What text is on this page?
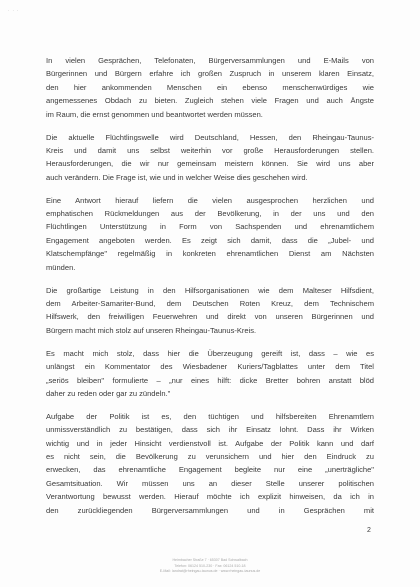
· · ·

In vielen Gesprächen, Telefonaten, Bürgerversammlungen und E-Mails von
Bürgerinnen und Bürgern erfahre ich großen Zuspruch in unserem klaren Einsatz,
den hier ankommenden Menschen ein ebenso menschenwürdiges wie
angemessenes Obdach zu bieten. Zugleich stehen viele Fragen und auch Ängste
im Raum, die ernst genommen und beantwortet werden müssen.

Die aktuelle Flüchtlingswelle wird Deutschland, Hessen, den Rheingau-Taunus-
Kreis und damit uns selbst weiterhin vor große Herausforderungen stellen.
Herausforderungen, die wir nur gemeinsam meistern können. Sie wird uns aber
auch verändern. Die Frage ist, wie und in welcher Weise dies geschehen wird.

Eine Antwort hierauf liefern die vielen ausgesprochen herzlichen und
emphatischen Rückmeldungen aus der Bevölkerung, in der uns und den
Flüchtlingen Unterstützung in Form von Sachspenden und ehrenamtlichem
Engagement angeboten werden. Es zeigt sich damit, dass die „Jubel- und
Klatschempfänge" regelmäßig in konkreten ehrenamtlichen Dienst am Nächsten
münden.

Die großartige Leistung in den Hilfsorganisationen wie dem Malteser Hilfsdient,
dem Arbeiter-Samariter-Bund, dem Deutschen Roten Kreuz, dem Technischem
Hilfswerk, den freiwilligen Feuerwehren und direkt von unseren Bürgerinnen und
Bürgern macht mich stolz auf unseren Rheingau-Taunus-Kreis.

Es macht mich stolz, dass hier die Überzeugung gereift ist, dass – wie es
unlängst ein Kommentator des Wiesbadener Kuriers/Tagblattes unter dem Titel
„seriös bleiben" formulierte – „nur eines hilft: dicke Bretter bohren anstatt blöd
daher zu reden oder gar zu zündeln."

Aufgabe der Politik ist es, den tüchtigen und hilfsbereiten Ehrenamtlern
unmissverständlich zu bestätigen, dass sich ihr Einsatz lohnt. Dass ihr Wirken
wichtig und in jeder Hinsicht verdienstvoll ist. Aufgabe der Politik kann und darf
es nicht sein, die Bevölkerung zu verunsichern und hier den Eindruck zu
erwecken, das ehrenamtliche Engagement begleite nur eine „unerträgliche"
Gesamtsituation. Wir müssen uns an dieser Stelle unserer politischen
Verantwortung bewusst werden. Hierauf möchte ich explizit hinweisen, da ich in
den zurückliegenden Bürgerversammlungen und in Gesprächen mit

2
Heimbacher Straße 7 · 65307 Bad Schwalbach
Telefon: 06124 510-230 · Fax: 06124 510-18
E-Mail: landrat@rheingau-taunus.de · www.rheingau-taunus.de
